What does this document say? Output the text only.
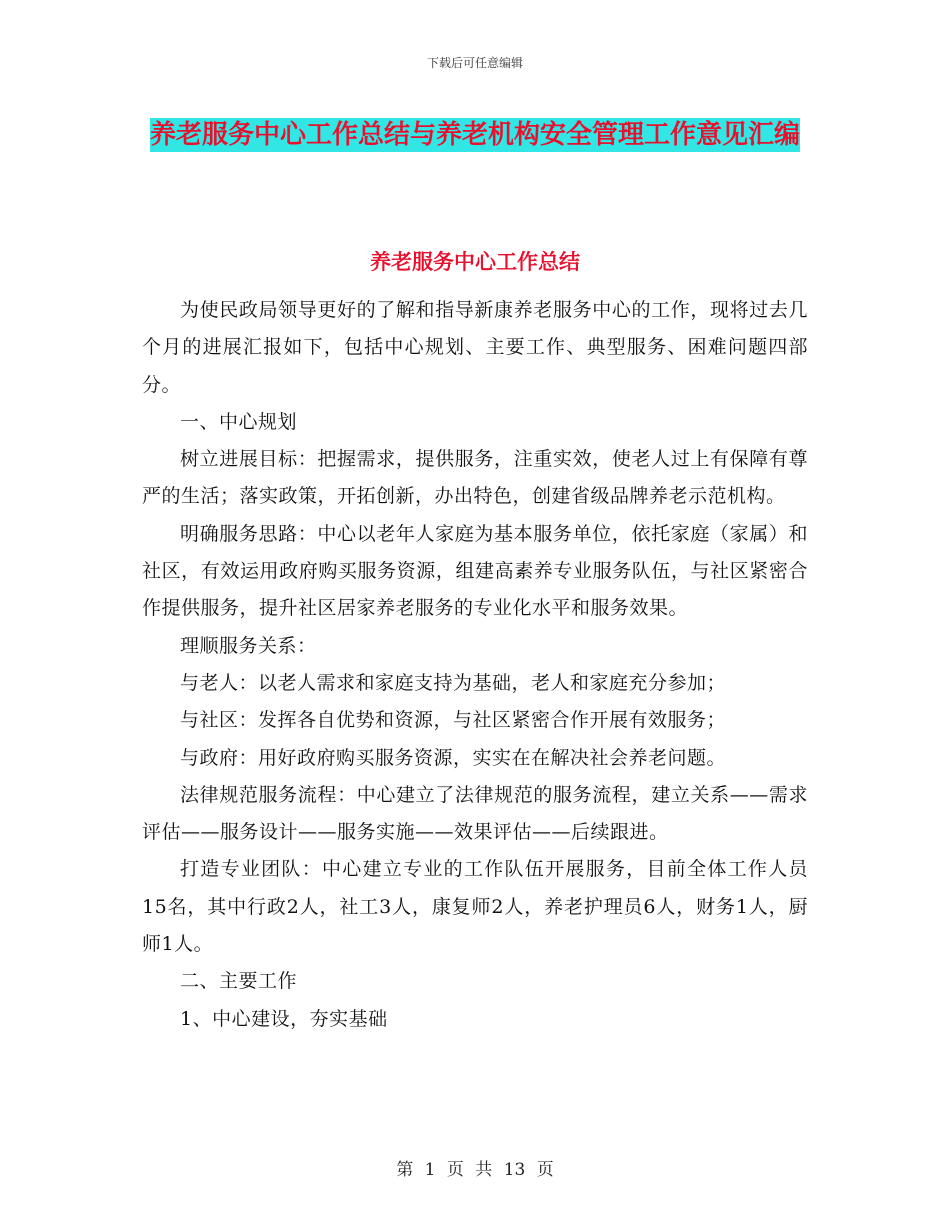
下载后可任意编辑
养老服务中心工作总结与养老机构安全管理工作意见汇编
养老服务中心工作总结

为使民政局领导更好的了解和指导新康养老服务中心的工作，现将过去几个月的进展汇报如下，包括中心规划、主要工作、典型服务、困难问题四部分。

一、中心规划

树立进展目标：把握需求，提供服务，注重实效，使老人过上有保障有尊严的生活；落实政策，开拓创新，办出特色，创建省级品牌养老示范机构。

明确服务思路：中心以老年人家庭为基本服务单位，依托家庭（家属）和社区，有效运用政府购买服务资源，组建高素养专业服务队伍，与社区紧密合作提供服务，提升社区居家养老服务的专业化水平和服务效果。

理顺服务关系：

与老人：以老人需求和家庭支持为基础，老人和家庭充分参加；

与社区：发挥各自优势和资源，与社区紧密合作开展有效服务；

与政府：用好政府购买服务资源，实实在在解决社会养老问题。

法律规范服务流程：中心建立了法律规范的服务流程，建立关系——需求评估——服务设计——服务实施——效果评估——后续跟进。

打造专业团队：中心建立专业的工作队伍开展服务，目前全体工作人员15名，其中行政2人，社工3人，康复师2人，养老护理员6人，财务1人，厨师1人。

二、主要工作

1、中心建设，夯实基础

第 1 页 共 13 页
